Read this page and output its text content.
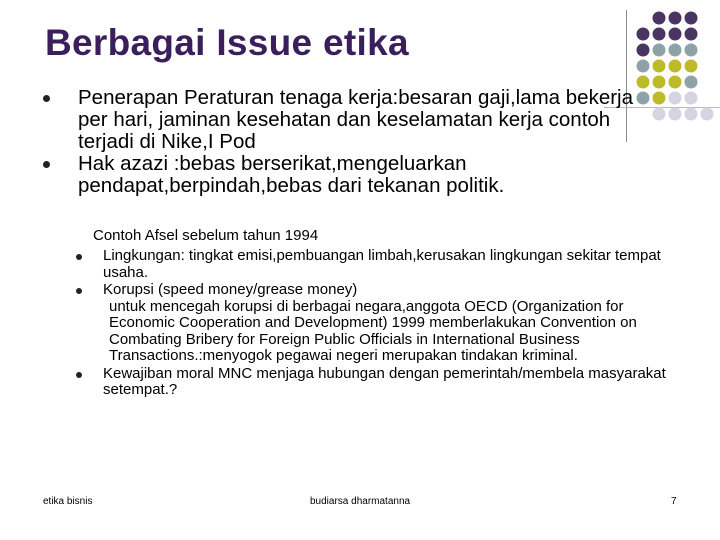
Berbagai Issue etika
Penerapan Peraturan tenaga kerja:besaran gaji,lama bekerja per hari, jaminan kesehatan dan keselamatan kerja contoh terjadi di Nike,I Pod
Hak azazi :bebas berserikat,mengeluarkan pendapat,berpindah,bebas dari tekanan politik.
Contoh Afsel sebelum tahun 1994
Lingkungan: tingkat emisi,pembuangan limbah,kerusakan lingkungan sekitar tempat usaha.
Korupsi (speed money/grease money)
untuk mencegah korupsi di berbagai negara,anggota OECD (Organization for Economic Cooperation and Development) 1999 memberlakukan Convention on Combating Bribery for Foreign Public Officials in International Business Transactions.:menyogok pegawai negeri merupakan tindakan kriminal.
Kewajiban moral MNC menjaga hubungan dengan pemerintah/membela masyarakat setempat.?
etika bisnis	budiarsa dharmatanna	7
